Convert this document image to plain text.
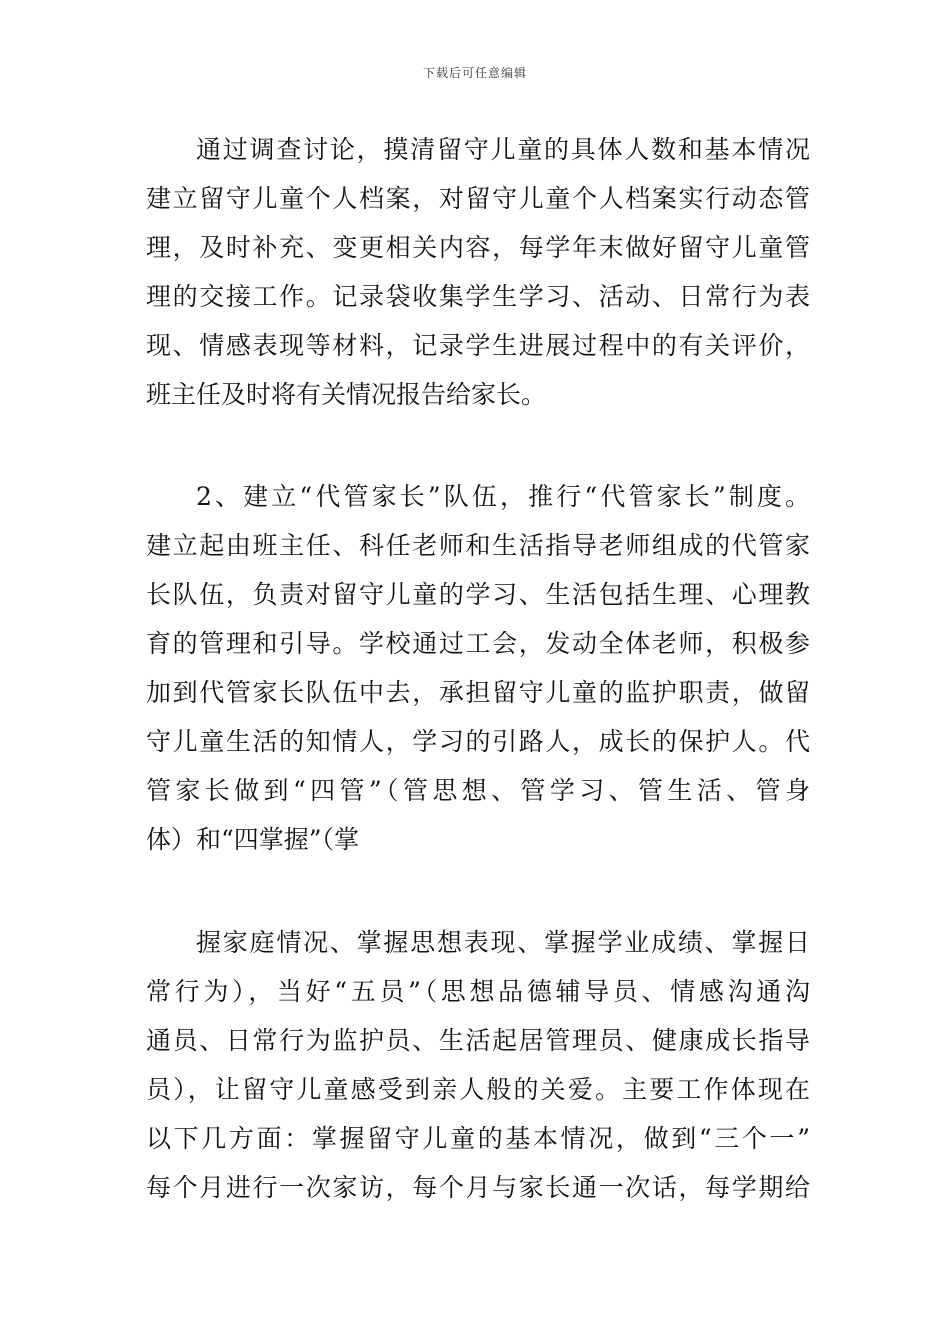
下载后可任意编辑
通过调查讨论，摸清留守儿童的具体人数和基本情况
建立留守儿童个人档案，对留守儿童个人档案实行动态管
理，及时补充、变更相关内容，每学年末做好留守儿童管
理的交接工作。记录袋收集学生学习、活动、日常行为表
现、情感表现等材料，记录学生进展过程中的有关评价，
班主任及时将有关情况报告给家长。
2、建立“代管家长”队伍，推行“代管家长”制度。
建立起由班主任、科任老师和生活指导老师组成的代管家
长队伍，负责对留守儿童的学习、生活包括生理、心理教
育的管理和引导。学校通过工会，发动全体老师，积极参
加到代管家长队伍中去，承担留守儿童的监护职责，做留
守儿童生活的知情人，学习的引路人，成长的保护人。代
管家长做到“四管”（管思想、管学习、管生活、管身
体）和“四掌握”（掌
握家庭情况、掌握思想表现、掌握学业成绩、掌握日
常行为），当好“五员”（思想品德辅导员、情感沟通沟
通员、日常行为监护员、生活起居管理员、健康成长指导
员），让留守儿童感受到亲人般的关爱。主要工作体现在
以下几方面：掌握留守儿童的基本情况，做到“三个一”
每个月进行一次家访，每个月与家长通一次话，每学期给
